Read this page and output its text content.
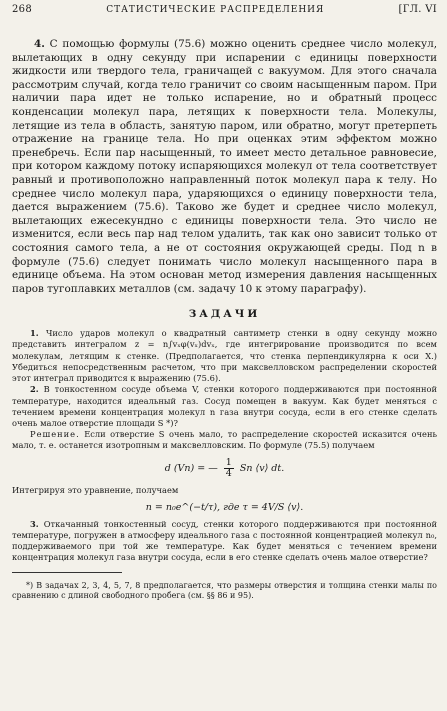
268	СТАТИСТИЧЕСКИЕ РАСПРЕДЕЛЕНИЯ	[ГЛ. VI

4. С помощью формулы (75.6) можно оценить среднее число молекул, вылетающих в одну секунду при испарении с единицы поверхности жидкости или твердого тела, граничащей с вакуумом. Для этого сначала рассмотрим случай, когда тело граничит со своим насыщенным паром. При наличии пара идет не только испарение, но и обратный процесс конденсации молекул пара, летящих к поверхности тела. Молекулы, летящие из тела в область, занятую паром, или обратно, могут претерпеть отражение на границе тела. Но при оценках этим эффектом можно пренебречь. Если пар насыщенный, то имеет место детальное равновесие, при котором каждому потоку испаряющихся молекул от тела соответствует равный и противоположно направленный поток молекул пара к телу. Но среднее число молекул пара, ударяющихся о единицу поверхности тела, дается выражением (75.6). Таково же будет и среднее число молекул, вылетающих ежесекундно с единицы поверхности тела. Это число не изменится, если весь пар над телом удалить, так как оно зависит только от состояния самого тела, а не от состояния окружающей среды. Под n в формуле (75.6) следует понимать число молекул насыщенного пара в единице объема. На этом основан метод измерения давления насыщенных паров тугоплавких металлов (см. задачу 10 к этому параграфу).

ЗАДАЧИ

1. Число ударов молекул о квадратный сантиметр стенки в одну секунду можно представить интегралом z = n∫vₓφ(vₓ)dvₓ, где интегрирование производится по всем молекулам, летящим к стенке. (Предполагается, что стенка перпендикулярна к оси X.) Убедиться непосредственным расчетом, что при максвелловском распределении скоростей этот интеграл приводится к выражению (75.6).

2. В тонкостенном сосуде объема V, стенки которого поддерживаются при постоянной температуре, находится идеальный газ. Сосуд помещен в вакуум. Как будет меняться с течением времени концентрация молекул n газа внутри сосуда, если в его стенке сделать очень малое отверстие площади S *)?

Решение. Если отверстие S очень мало, то распределение скоростей исказится очень мало, т. е. останется изотропным и максвелловским. По формуле (75.5) получаем

d (Vn) = — $\frac{1}{4}$ Sn ⟨v⟩ dt.

Интегрируя это уравнение, получаем

n = n₀e^(−t/τ), где τ = 4V/S ⟨v⟩.

3. Откачанный тонкостенный сосуд, стенки которого поддерживаются при постоянной температуре, погружен в атмосферу идеального газа с постоянной концентрацией молекул n₀, поддерживаемого при той же температуре. Как будет меняться с течением времени концентрация молекул газа внутри сосуда, если в его стенке сделать очень малое отверстие?

*) В задачах 2, 3, 4, 5, 7, 8 предполагается, что размеры отверстия и толщина стенки малы по сравнению с длиной свободного пробега (см. §§ 86 и 95).
